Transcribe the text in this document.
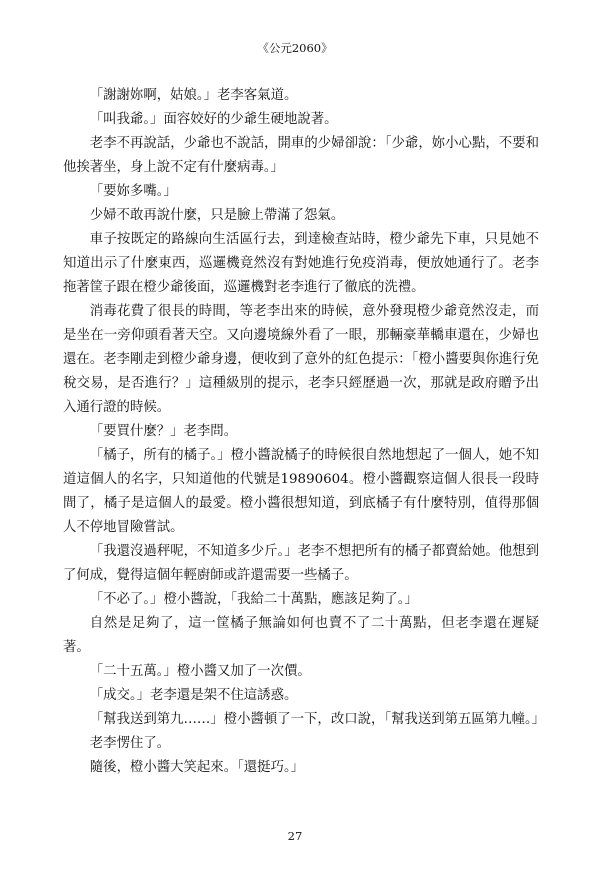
《公元2060》

「謝謝妳啊，姑娘。」老李客氣道。

「叫我爺。」面容姣好的少爺生硬地說著。

老李不再說話，少爺也不說話，開車的少婦卻說：「少爺，妳小心點，不要和他挨著坐，身上說不定有什麼病毒。」

「要妳多嘴。」

少婦不敢再說什麼，只是臉上帶滿了怨氣。

車子按既定的路線向生活區行去，到達檢查站時，橙少爺先下車，只見她不知道出示了什麼東西，巡邏機竟然沒有對她進行免疫消毒，便放她通行了。老李拖著筐子跟在橙少爺後面，巡邏機對老李進行了徹底的洗禮。

消毒花費了很長的時間，等老李出來的時候，意外發現橙少爺竟然沒走，而是坐在一旁仰頭看著天空。又向邊境線外看了一眼，那輛豪華轎車還在，少婦也還在。老李剛走到橙少爺身邊，便收到了意外的紅色提示：「橙小醬要與你進行免稅交易，是否進行？」這種級別的提示，老李只經歷過一次，那就是政府贈予出入通行證的時候。

「要買什麼？」老李問。

「橘子，所有的橘子。」橙小醬說橘子的時候很自然地想起了一個人，她不知道這個人的名字，只知道他的代號是19890604。橙小醬觀察這個人很長一段時間了，橘子是這個人的最愛。橙小醬很想知道，到底橘子有什麼特別，值得那個人不停地冒險嘗試。

「我還沒過秤呢，不知道多少斤。」老李不想把所有的橘子都賣給她。他想到了何成，覺得這個年輕廚師或許還需要一些橘子。

「不必了。」橙小醬說，「我給二十萬點，應該足夠了。」

自然是足夠了，這一筐橘子無論如何也賣不了二十萬點，但老李還在遲疑著。

「二十五萬。」橙小醬又加了一次價。

「成交。」老李還是架不住這誘惑。

「幫我送到第九……」橙小醬頓了一下，改口說，「幫我送到第五區第九幢。」

老李愣住了。

隨後，橙小醬大笑起來。「還挺巧。」

27
